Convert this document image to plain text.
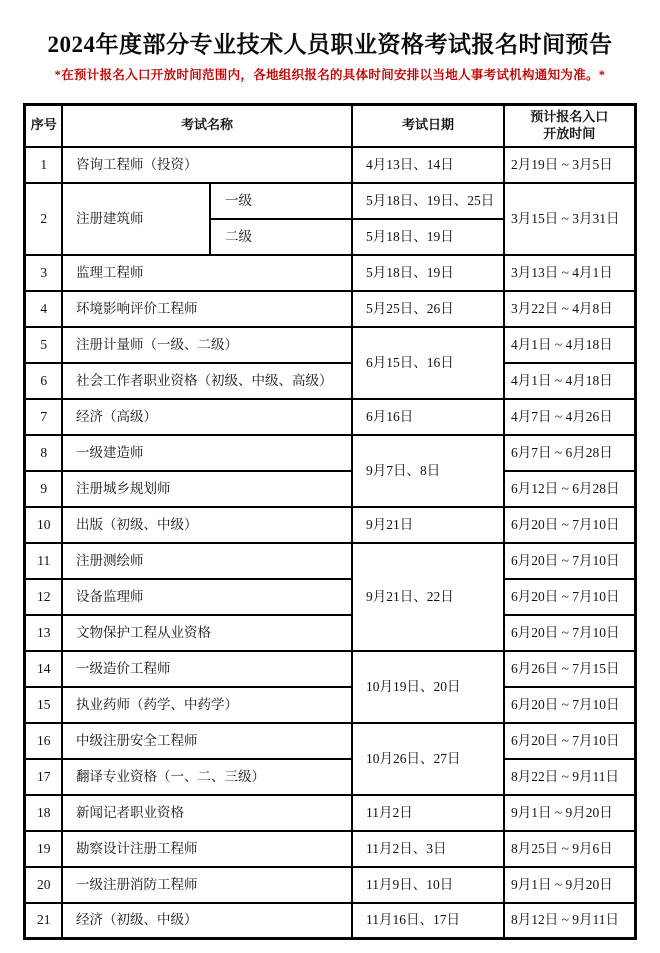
2024年度部分专业技术人员职业资格考试报名时间预告

*在预计报名入口开放时间范围内，各地组织报名的具体时间安排以当地人事考试机构通知为准。*

序号	考试名称		考试日期	预计报名入口
开放时间
1	咨询工程师（投资）		4月13日、14日	2月19日 ~ 3月5日
2	注册建筑师	一级	5月18日、19日、25日	3月15日 ~ 3月31日
		二级	5月18日、19日	
3	监理工程师		5月18日、19日	3月13日 ~ 4月1日
4	环境影响评价工程师		5月25日、26日	3月22日 ~ 4月8日
5	注册计量师（一级、二级）		6月15日、16日	4月1日 ~ 4月18日
6	社会工作者职业资格（初级、中级、高级）			4月1日 ~ 4月18日
7	经济（高级）		6月16日	4月7日 ~ 4月26日
8	一级建造师		9月7日、8日	6月7日 ~ 6月28日
9	注册城乡规划师			6月12日 ~ 6月28日
10	出版（初级、中级）		9月21日	6月20日 ~ 7月10日
11	注册测绘师		9月21日、22日	6月20日 ~ 7月10日
12	设备监理师			6月20日 ~ 7月10日
13	文物保护工程从业资格			6月20日 ~ 7月10日
14	一级造价工程师		10月19日、20日	6月26日 ~ 7月15日
15	执业药师（药学、中药学）			6月20日 ~ 7月10日
16	中级注册安全工程师		10月26日、27日	6月20日 ~ 7月10日
17	翻译专业资格（一、二、三级）			8月22日 ~ 9月11日
18	新闻记者职业资格		11月2日	9月1日 ~ 9月20日
19	勘察设计注册工程师		11月2日、3日	8月25日 ~ 9月6日
20	一级注册消防工程师		11月9日、10日	9月1日 ~ 9月20日
21	经济（初级、中级）		11月16日、17日	8月12日 ~ 9月11日
